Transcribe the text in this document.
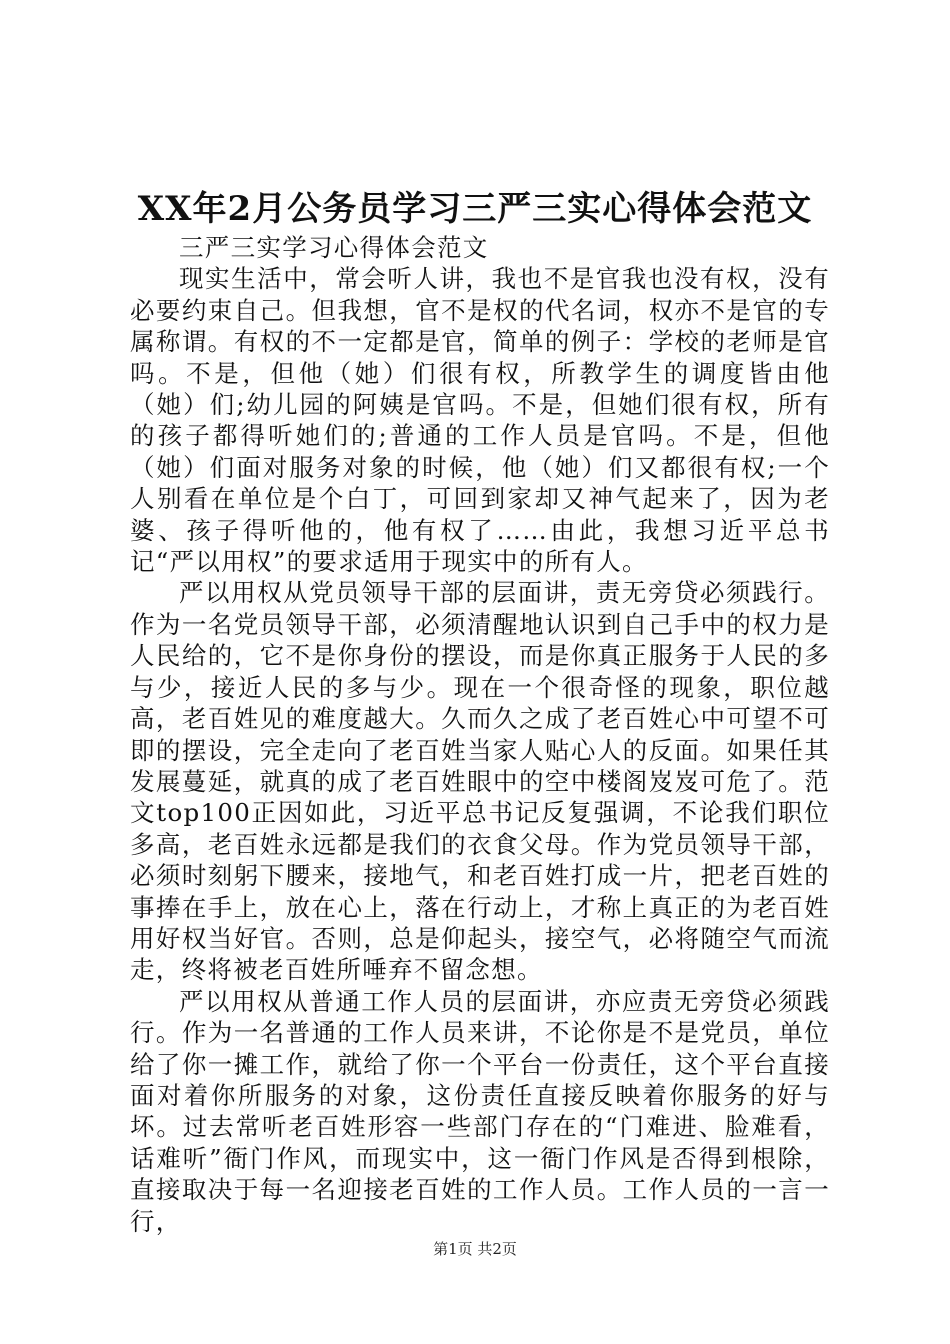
XX年2月公务员学习三严三实心得体会范文

三严三实学习心得体会范文

现实生活中，常会听人讲，我也不是官我也没有权，没有必要约束自己。但我想，官不是权的代名词，权亦不是官的专属称谓。有权的不一定都是官，简单的例子：学校的老师是官吗。不是，但他（她）们很有权，所教学生的调度皆由他（她）们;幼儿园的阿姨是官吗。不是，但她们很有权，所有的孩子都得听她们的;普通的工作人员是官吗。不是，但他（她）们面对服务对象的时候，他（她）们又都很有权;一个人别看在单位是个白丁，可回到家却又神气起来了，因为老婆、孩子得听他的，他有权了……由此，我想习近平总书记“严以用权”的要求适用于现实中的所有人。

严以用权从党员领导干部的层面讲，责无旁贷必须践行。作为一名党员领导干部，必须清醒地认识到自己手中的权力是人民给的，它不是你身份的摆设，而是你真正服务于人民的多与少，接近人民的多与少。现在一个很奇怪的现象，职位越高，老百姓见的难度越大。久而久之成了老百姓心中可望不可即的摆设，完全走向了老百姓当家人贴心人的反面。如果任其发展蔓延，就真的成了老百姓眼中的空中楼阁岌岌可危了。范文top100正因如此，习近平总书记反复强调，不论我们职位多高，老百姓永远都是我们的衣食父母。作为党员领导干部，必须时刻躬下腰来，接地气，和老百姓打成一片，把老百姓的事捧在手上，放在心上，落在行动上，才称上真正的为老百姓用好权当好官。否则，总是仰起头，接空气，必将随空气而流走，终将被老百姓所唾弃不留念想。

严以用权从普通工作人员的层面讲，亦应责无旁贷必须践行。作为一名普通的工作人员来讲，不论你是不是党员，单位给了你一摊工作，就给了你一个平台一份责任，这个平台直接面对着你所服务的对象，这份责任直接反映着你服务的好与坏。过去常听老百姓形容一些部门存在的“门难进、脸难看，话难听”衙门作风，而现实中，这一衙门作风是否得到根除，直接取决于每一名迎接老百姓的工作人员。工作人员的一言一行，

第1页 共2页
